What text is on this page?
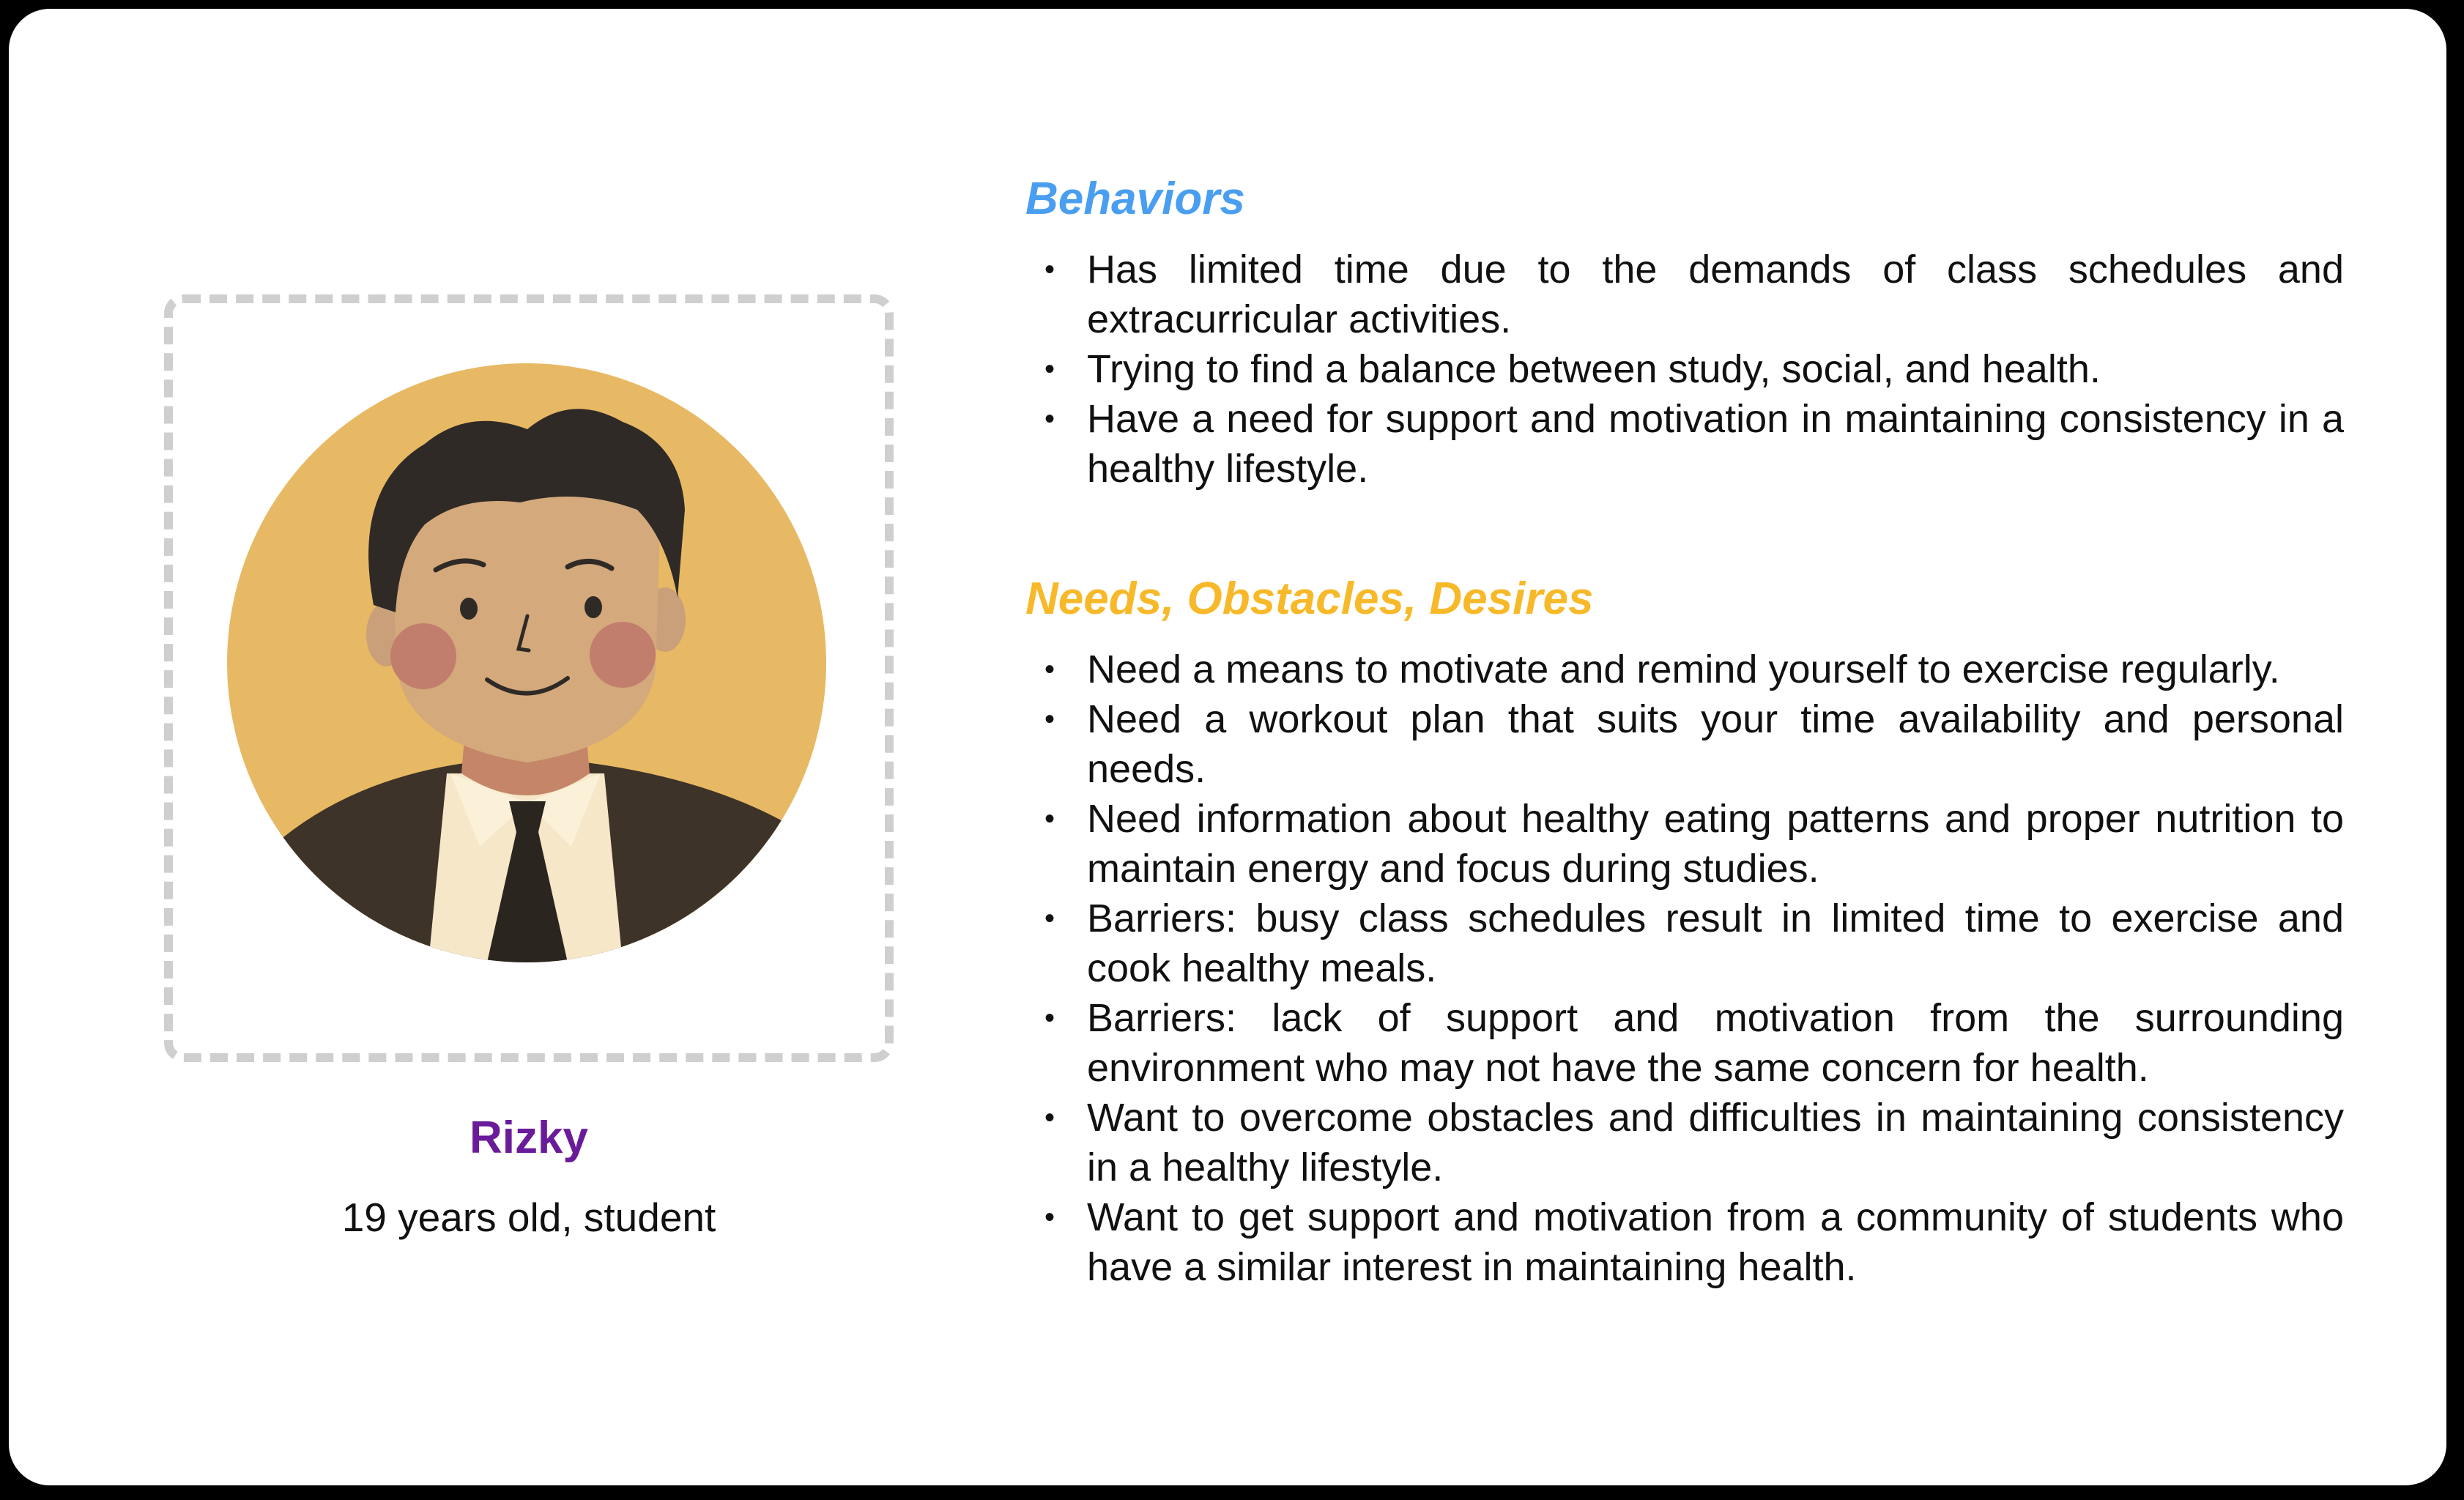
Rizky
19 years old, student
Behaviors
• Has limited time due to the demands of class schedules and extracurricular activities.
• Trying to find a balance between study, social, and health.
• Have a need for support and motivation in maintaining consistency in a healthy lifestyle.
Needs, Obstacles, Desires
• Need a means to motivate and remind yourself to exercise regularly.
• Need a workout plan that suits your time availability and personal needs.
• Need information about healthy eating patterns and proper nutrition to maintain energy and focus during studies.
• Barriers: busy class schedules result in limited time to exercise and cook healthy meals.
• Barriers: lack of support and motivation from the surrounding environment who may not have the same concern for health.
• Want to overcome obstacles and difficulties in maintaining consistency in a healthy lifestyle.
• Want to get support and motivation from a community of students who have a similar interest in maintaining health.
